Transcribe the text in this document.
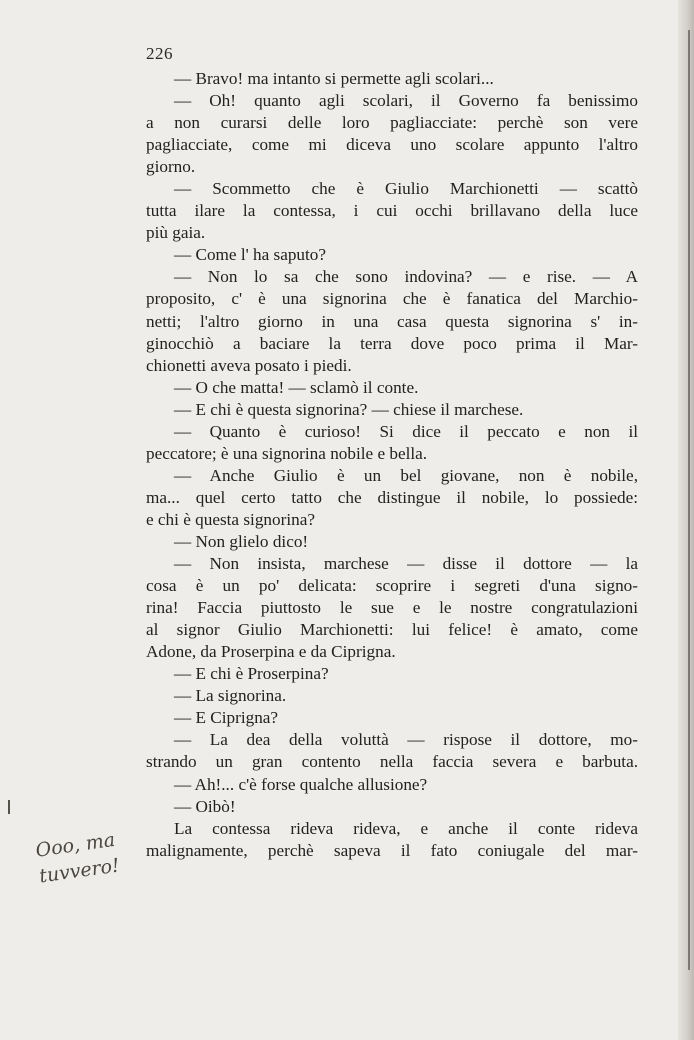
226
— Bravo! ma intanto si permette agli scolari...
— Oh! quanto agli scolari, il Governo fa benissimo
a non curarsi delle loro pagliacciate: perchè son vere
pagliacciate, come mi diceva uno scolare appunto l'altro
giorno.
— Scommetto che è Giulio Marchionetti — scattò
tutta ilare la contessa, i cui occhi brillavano della luce
più gaia.
— Come l' ha saputo?
— Non lo sa che sono indovina? — e rise. — A
proposito, c' è una signorina che è fanatica del Marchio-
netti; l'altro giorno in una casa questa signorina s' in-
ginocchiò a baciare la terra dove poco prima il Mar-
chionetti aveva posato i piedi.
— O che matta! — sclamò il conte.
— E chi è questa signorina? — chiese il marchese.
— Quanto è curioso! Si dice il peccato e non il
peccatore; è una signorina nobile e bella.
— Anche Giulio è un bel giovane, non è nobile,
ma... quel certo tatto che distingue il nobile, lo possiede:
e chi è questa signorina?
— Non glielo dico!
— Non insista, marchese — disse il dottore — la
cosa è un po' delicata: scoprire i segreti d'una signo-
rina! Faccia piuttosto le sue e le nostre congratulazioni
al signor Giulio Marchionetti: lui felice! è amato, come
Adone, da Proserpina e da Ciprigna.
— E chi è Proserpina?
— La signorina.
— E Ciprigna?
— La dea della voluttà — rispose il dottore, mo-
strando un gran contento nella faccia severa e barbuta.
— Ah!... c'è forse qualche allusione?
— Oibò!
La contessa rideva rideva, e anche il conte rideva
malignamente, perchè sapeva il fato coniugale del mar-
Ooo, ma
tuvvero!
